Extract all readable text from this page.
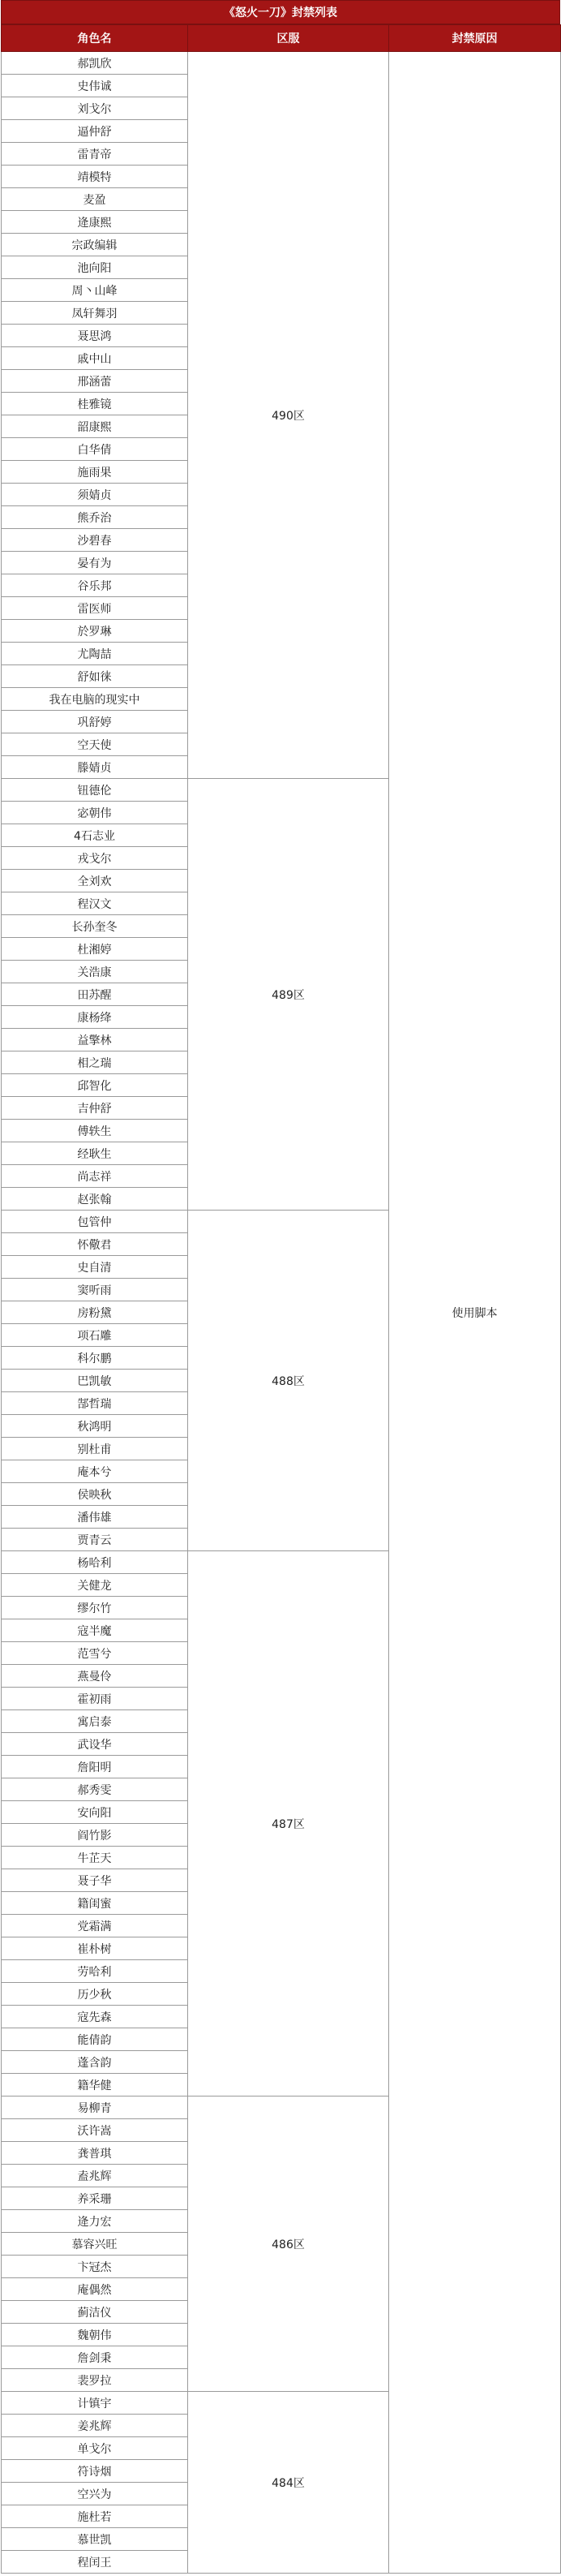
《怒火一刀》封禁列表
角色名	区服	封禁原因
郝凯欣	490区	使用脚本
史伟诚		
刘戈尔		
逼仲舒		
雷青帝		
靖模特		
麦盈		
逄康熙		
宗政编辑		
池向阳		
周丶山峰		
凤轩舞羽		
聂思鸿		
戚中山		
邢涵蕾		
桂雅镜		
韶康熙		
白华倩		
施雨果		
须婧贞		
熊乔治		
沙碧春		
晏有为		
谷乐邦		
雷医师		
於罗琳		
尤陶喆		
舒如徕		
我在电脑的现实中		
巩舒婷		
空天使		
滕婧贞		
钮德伦	489区	
宓朝伟		
4石志业		
戎戈尔		
全刘欢		
程汉文		
长孙奎冬		
杜湘婷		
关浩康		
田苏醒		
康杨绛		
益擎林		
相之瑞		
邱智化		
吉仲舒		
傅轶生		
经耿生		
尚志祥		
赵张翰		
包管仲	488区	
怀儆君		
史自清		
窦听雨		
房粉黛		
项石雕		
科尔鹏		
巴凯敏		
郜哲瑞		
秋鸿明		
别杜甫		
庵本兮		
侯映秋		
潘伟雄		
贾青云		
杨哈利	487区	
关健龙		
缪尔竹		
寇半魔		
范雪兮		
燕曼伶		
霍初雨		
寓启泰		
武设华		
詹阳明		
郝秀雯		
安向阳		
阎竹影		
牛芷天		
聂子华		
籍闺蜜		
党霜满		
崔朴树		
劳哈利		
历少秋		
寇先森		
能倩韵		
蓬含韵		
籍华健		
易柳青	486区	
沃许嵩		
龚普琪		
盍兆辉		
养采珊		
逄力宏		
慕容兴旺		
卞冠杰		
庵偶然		
蓟洁仪		
魏朝伟		
詹剑秉		
裴罗拉		
计镇宇	484区	
姜兆辉		
单戈尔		
符诗烟		
空兴为		
施杜若		
慕世凯		
程闰王		
